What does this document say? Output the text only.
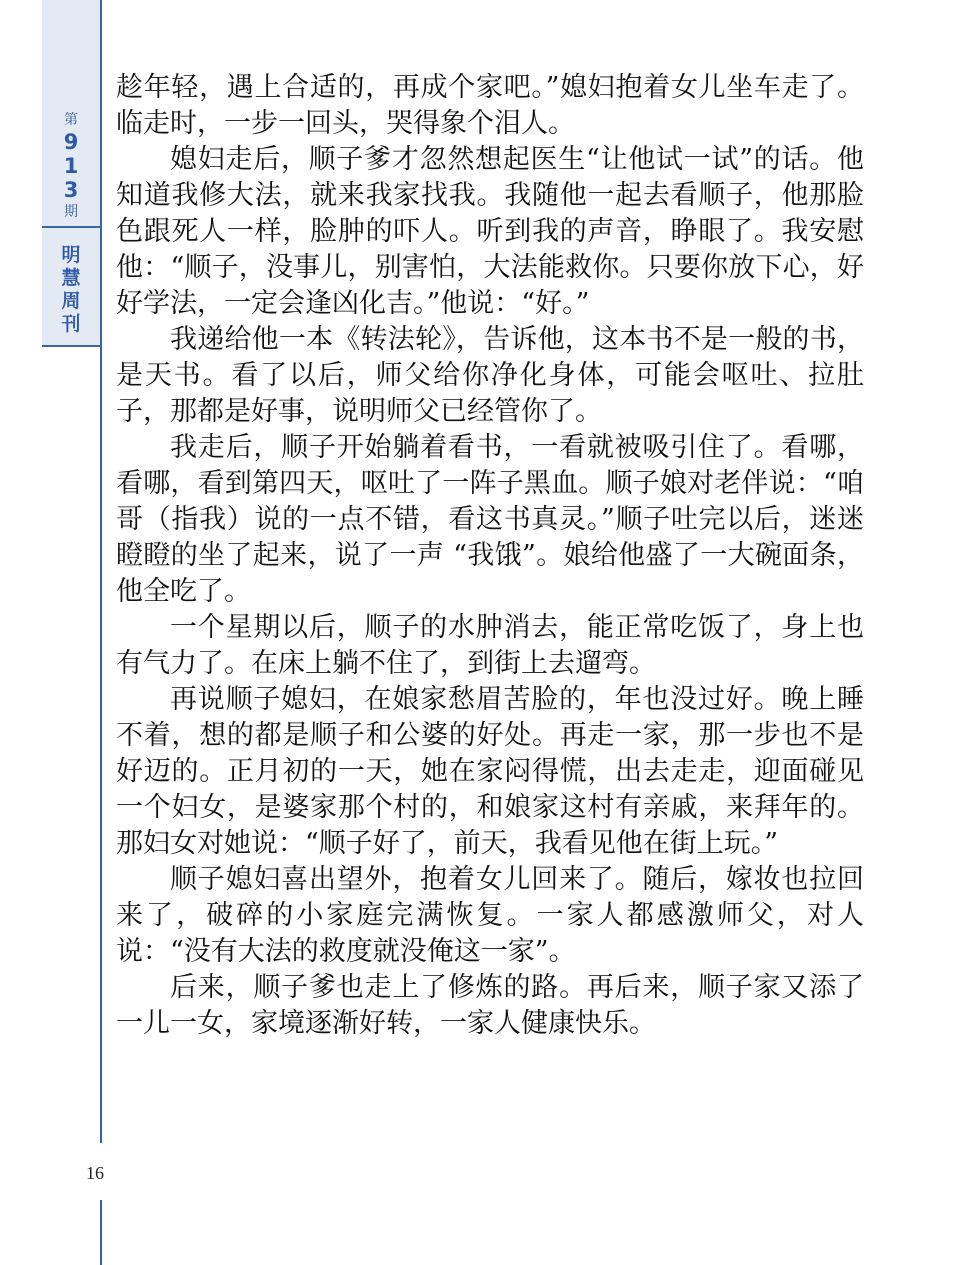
第
9
1
3
期
明
慧
周
刊

趁年轻，遇上合适的，再成个家吧。”媳妇抱着女儿坐车走了。临走时，一步一回头，哭得象个泪人。

媳妇走后，顺子爹才忽然想起医生“让他试一试”的话。他知道我修大法，就来我家找我。我随他一起去看顺子，他那脸色跟死人一样，脸肿的吓人。听到我的声音，睁眼了。我安慰他：“顺子，没事儿，别害怕，大法能救你。只要你放下心，好好学法，一定会逢凶化吉。”他说：“好。”

我递给他一本《转法轮》，告诉他，这本书不是一般的书，是天书。看了以后，师父给你净化身体，可能会呕吐、拉肚子，那都是好事，说明师父已经管你了。

我走后，顺子开始躺着看书，一看就被吸引住了。看哪，看哪，看到第四天，呕吐了一阵子黑血。顺子娘对老伴说：“咱哥（指我）说的一点不错，看这书真灵。”顺子吐完以后，迷迷瞪瞪的坐了起来，说了一声 “我饿”。娘给他盛了一大碗面条，他全吃了。

一个星期以后，顺子的水肿消去，能正常吃饭了，身上也有气力了。在床上躺不住了，到街上去遛弯。

再说顺子媳妇，在娘家愁眉苦脸的，年也没过好。晚上睡不着，想的都是顺子和公婆的好处。再走一家，那一步也不是好迈的。正月初的一天，她在家闷得慌，出去走走，迎面碰见一个妇女，是婆家那个村的，和娘家这村有亲戚，来拜年的。那妇女对她说：“顺子好了，前天，我看见他在街上玩。”

顺子媳妇喜出望外，抱着女儿回来了。随后，嫁妆也拉回来了，破碎的小家庭完满恢复。一家人都感激师父，对人说：“没有大法的救度就没俺这一家”。

后来，顺子爹也走上了修炼的路。再后来，顺子家又添了一儿一女，家境逐渐好转，一家人健康快乐。

16
